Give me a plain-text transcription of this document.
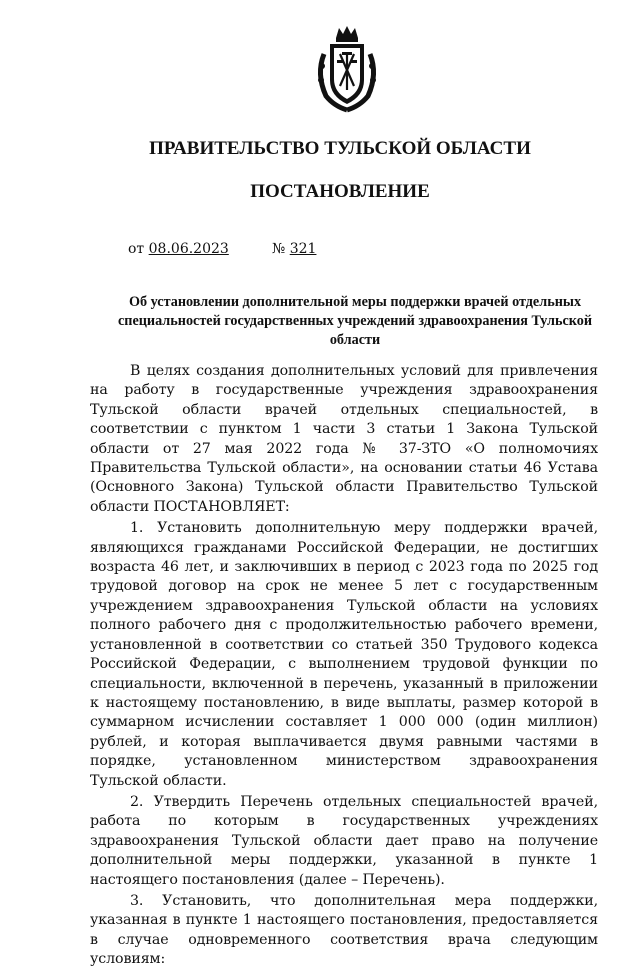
ПРАВИТЕЛЬСТВО ТУЛЬСКОЙ ОБЛАСТИ
ПОСТАНОВЛЕНИЕ
от 08.06.2023	№ 321
Об установлении дополнительной меры поддержки врачей отдельных специальностей государственных учреждений здравоохранения Тульской области

В целях создания дополнительных условий для привлечения на работу в государственные учреждения здравоохранения Тульской области врачей отдельных специальностей, в соответствии с пунктом 1 части 3 статьи 1 Закона Тульской области от 27 мая 2022 года № 37-ЗТО «О полномочиях Правительства Тульской области», на основании статьи 46 Устава (Основного Закона) Тульской области Правительство Тульской области ПОСТАНОВЛЯЕТ:

1. Установить дополнительную меру поддержки врачей, являющихся гражданами Российской Федерации, не достигших возраста 46 лет, и заключивших в период с 2023 года по 2025 год трудовой договор на срок не менее 5 лет с государственным учреждением здравоохранения Тульской области на условиях полного рабочего дня с продолжительностью рабочего времени, установленной в соответствии со статьей 350 Трудового кодекса Российской Федерации, с выполнением трудовой функции по специальности, включенной в перечень, указанный в приложении к настоящему постановлению, в виде выплаты, размер которой в суммарном исчислении составляет 1 000 000 (один миллион) рублей, и которая выплачивается двумя равными частями в порядке, установленном министерством здравоохранения Тульской области.

2. Утвердить Перечень отдельных специальностей врачей, работа по которым в государственных учреждениях здравоохранения Тульской области дает право на получение дополнительной меры поддержки, указанной в пункте 1 настоящего постановления (далее – Перечень).

3. Установить, что дополнительная мера поддержки, указанная в пункте 1 настоящего постановления, предоставляется в случае одновременного соответствия врача следующим условиям:
